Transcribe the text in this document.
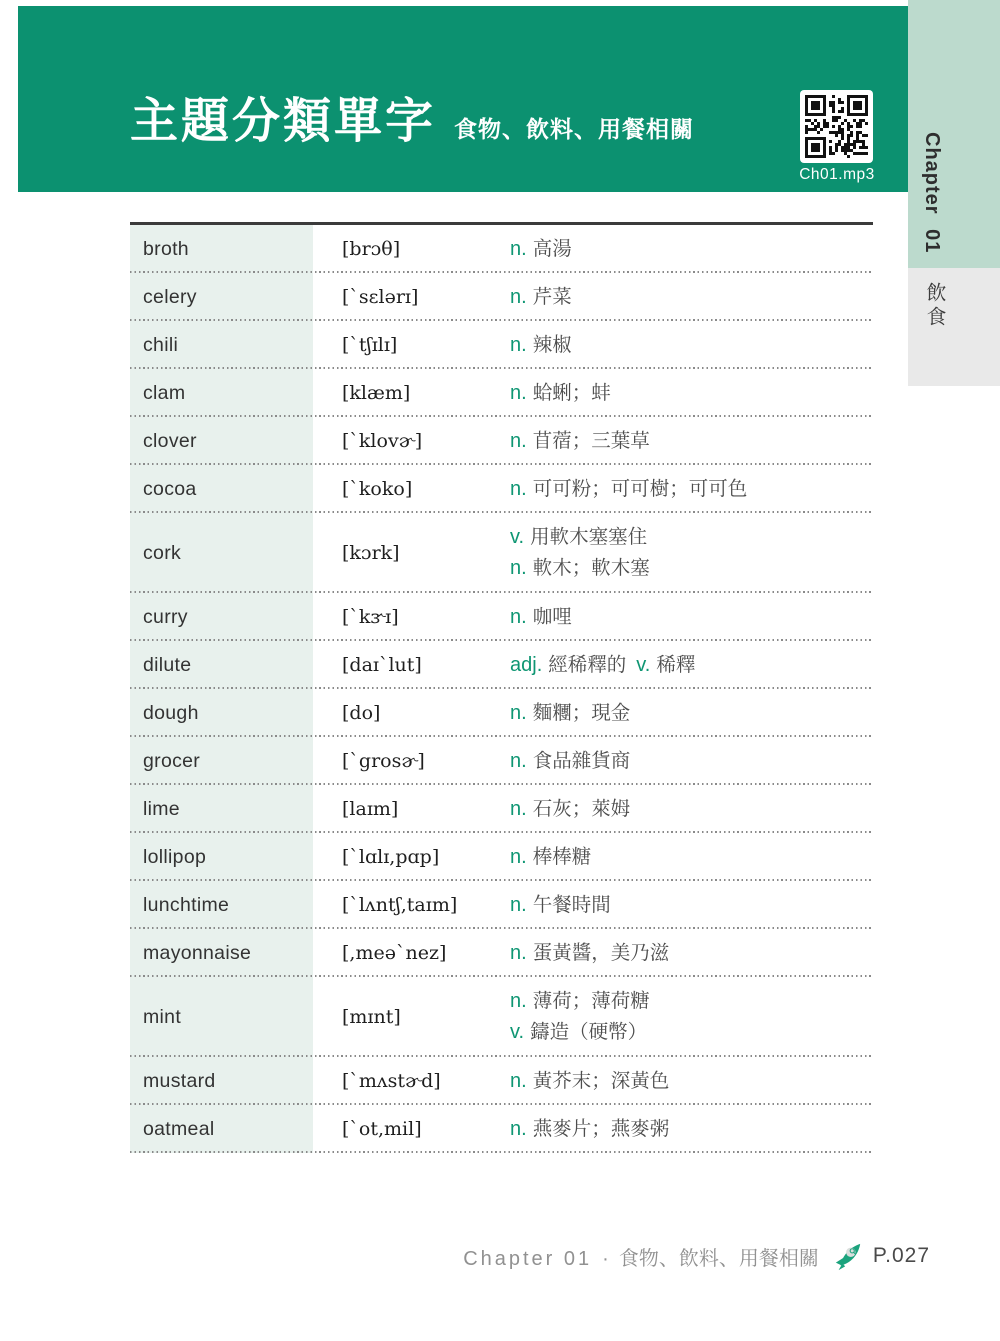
主題分類單字 食物、飲料、用餐相關
Ch01.mp3	Chapter 01
飲食
broth	[brɔθ]	n. 高湯
celery	[`sɛlərɪ]	n. 芹菜
chili	[`tʃɪlɪ]	n. 辣椒
clam	[klæm]	n. 蛤蜊；蚌
clover	[`klovɚ]	n. 苜蓿；三葉草
cocoa	[`koko]	n. 可可粉；可可樹；可可色
cork	[kɔrk]
v. 用軟木塞塞住
n. 軟木；軟木塞
curry	[`kɝɪ]	n. 咖哩
dilute	[daɪ`lut]	adj. 經稀釋的 v. 稀釋
dough	[do]	n. 麵糰；現金
grocer	[`grosɚ]	n. 食品雜貨商
lime	[laɪm]	n. 石灰；萊姆
lollipop	[`lɑlɪ,pɑp]	n. 棒棒糖
lunchtime	[`lʌntʃ,taɪm]	n. 午餐時間
mayonnaise	[,meə`nez]	n. 蛋黃醬，美乃滋
mint	[mɪnt]
n. 薄荷；薄荷糖
v. 鑄造（硬幣）
mustard	[`mʌstɚd]	n. 黃芥末；深黃色
oatmeal	[`ot,mil]	n. 燕麥片；燕麥粥
Chapter 01 · 食物、飲料、用餐相關	P.027
